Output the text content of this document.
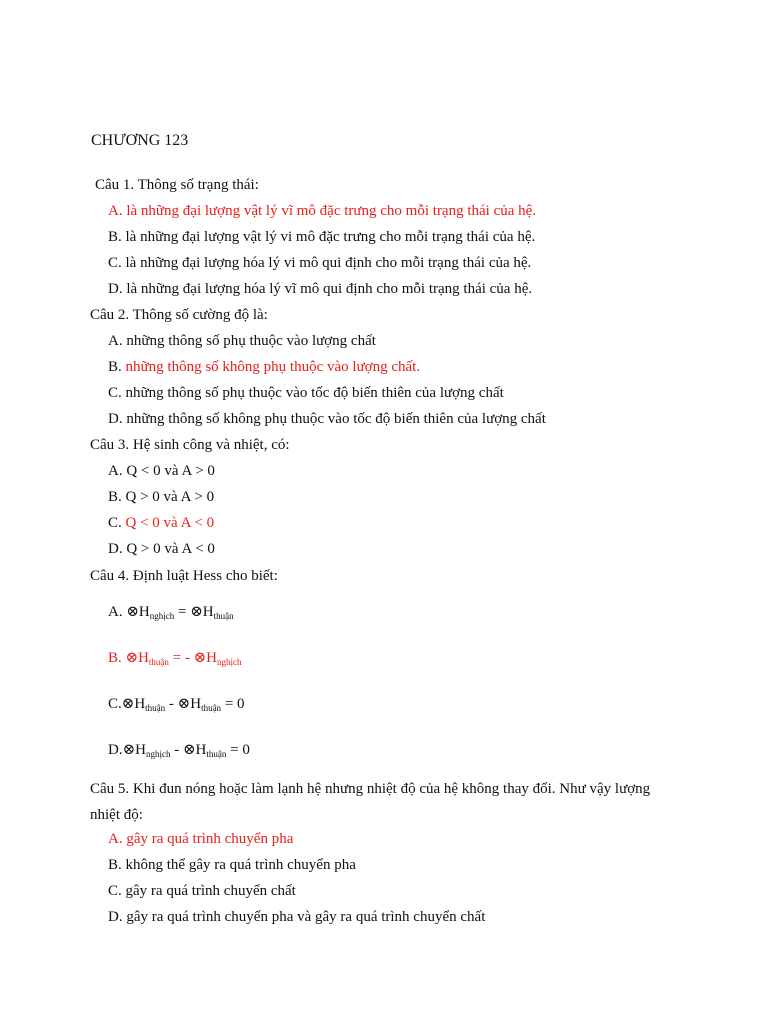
CHƯƠNG 123
Câu 1. Thông số trạng thái:
A. là những đại lượng vật lý vĩ mô đặc trưng cho mỗi trạng thái của hệ.
B. là những đại lượng vật lý vi mô đặc trưng cho mỗi trạng thái của hệ.
C. là những đại lượng hóa lý vi mô qui định cho mỗi trạng thái của hệ.
D. là những đại lượng hóa lý vĩ mô qui định cho mỗi trạng thái của hệ.
Câu 2. Thông số cường độ là:
A. những thông số phụ thuộc vào lượng chất
B. những thông số không phụ thuộc vào lượng chất.
C. những thông số phụ thuộc vào tốc độ biến thiên của lượng chất
D. những thông số không phụ thuộc vào tốc độ biến thiên của lượng chất
Câu 3. Hệ sinh công và nhiệt, có:
A. Q < 0 và A > 0
B. Q > 0 và A > 0
C. Q < 0 và A < 0
D. Q > 0 và A < 0
Câu 4. Định luật Hess cho biết:
A. $\otimes H_{nghịch}$ = $\otimes H_{thuận}$
B. $\otimes H_{thuận}$ = - $\otimes H_{nghịch}$
$C.\otimes H_{thuận}$ - $\otimes H_{thuận} = 0$
$D.\otimes H_{nghịch}$ - $\otimes H_{thuận} = 0$
Câu 5. Khi đun nóng hoặc làm lạnh hệ nhưng nhiệt độ của hệ không thay đổi. Như vậy lượng nhiệt độ:
A. gây ra quá trình chuyển pha
B. không thể gây ra quá trình chuyển pha
C. gây ra quá trình chuyển chất
D. gây ra quá trình chuyển pha và gây ra quá trình chuyển chất
